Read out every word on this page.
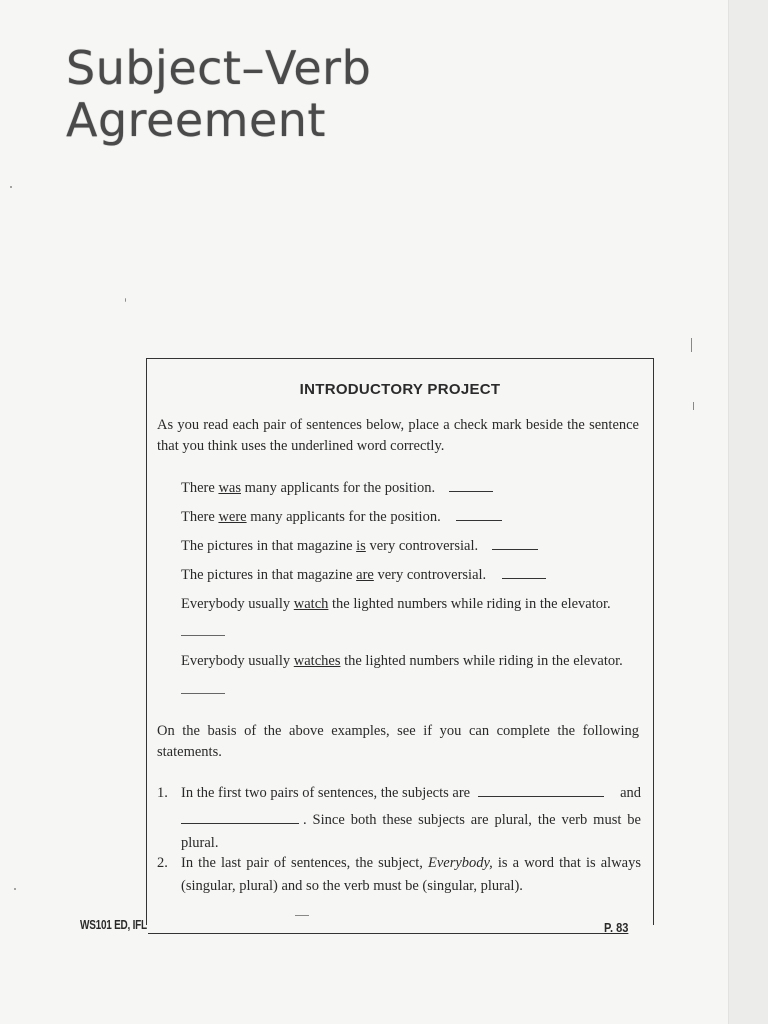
Subject–Verb
Agreement
INTRODUCTORY PROJECT
As you read each pair of sentences below, place a check mark beside the sentence that you think uses the underlined word correctly.
There was many applicants for the position.
There were many applicants for the position.
The pictures in that magazine is very controversial.
The pictures in that magazine are very controversial.
Everybody usually watch the lighted numbers while riding in the elevator.
Everybody usually watches the lighted numbers while riding in the elevator.
On the basis of the above examples, see if you can complete the following statements.
1. In the first two pairs of sentences, the subjects are	and

. Since both these subjects are plural, the verb must be plural.
2. In the last pair of sentences, the subject, Everybody, is a word that is always (singular, plural) and so the verb must be (singular, plural).
WS101 ED, IFL	P. 83
